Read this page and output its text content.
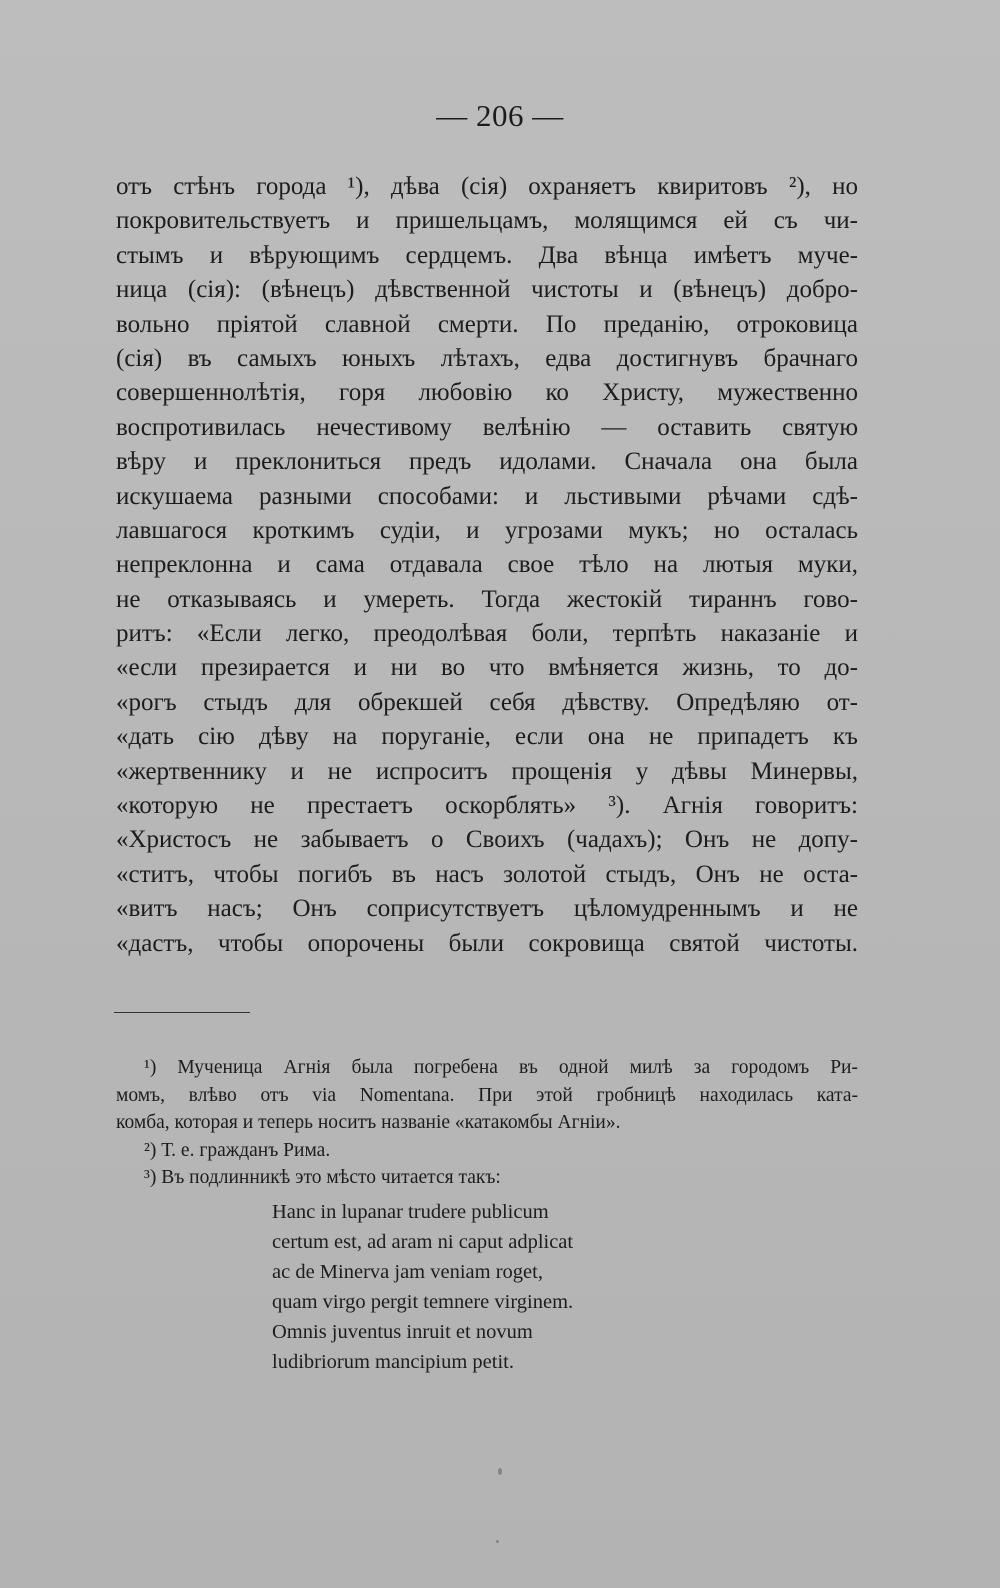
— 206 —
отъ стѣнъ города ¹), дѣва (сія) охраняетъ квиритовъ ²), но
покровительствуетъ и пришельцамъ, молящимся ей съ чи-
стымъ и вѣрующимъ сердцемъ. Два вѣнца имѣетъ муче-
ница (сія): (вѣнецъ) дѣвственной чистоты и (вѣнецъ) добро-
вольно пріятой славной смерти. По преданію, отроковица
(сія) въ самыхъ юныхъ лѣтахъ, едва достигнувъ брачнаго
совершеннолѣтія, горя любовію ко Христу, мужественно
воспротивилась нечестивому велѣнію — оставить святую
вѣру и преклониться предъ идолами. Сначала она была
искушаема разными способами: и льстивыми рѣчами сдѣ-
лавшагося кроткимъ судіи, и угрозами мукъ; но осталась
непреклонна и сама отдавала свое тѣло на лютыя муки,
не отказываясь и умереть. Тогда жестокій тираннъ гово-
ритъ: «Если легко, преодолѣвая боли, терпѣть наказаніе и
«если презирается и ни во что вмѣняется жизнь, то до-
«рогъ стыдъ для обрекшей себя дѣвству. Опредѣляю от-
«дать сію дѣву на поруганіе, если она не припадетъ къ
«жертвеннику и не испроситъ прощенія у дѣвы Минервы,
«которую не престаетъ оскорблять» ³). Агнія говоритъ:
«Христосъ не забываетъ о Своихъ (чадахъ); Онъ не допу-
«ститъ, чтобы погибъ въ насъ золотой стыдъ, Онъ не оста-
«витъ насъ; Онъ соприсутствуетъ цѣломудреннымъ и не
«дастъ, чтобы опорочены были сокровища святой чистоты.
¹) Мученица Агнія была погребена въ одной милѣ за городомъ Ри-
момъ, влѣво отъ via Nomentana. При этой гробницѣ находилась ката-
комба, которая и теперь носитъ названіе «катакомбы Агніи».
²) Т. е. гражданъ Рима.
³) Въ подлинникѣ это мѣсто читается такъ:
Hanc in lupanar trudere publicum
certum est, ad aram ni caput adplicat
ac de Minerva jam veniam roget,
quam virgo pergit temnere virginem.
Omnis juventus inruit et novum
ludibriorum mancipium petit.
